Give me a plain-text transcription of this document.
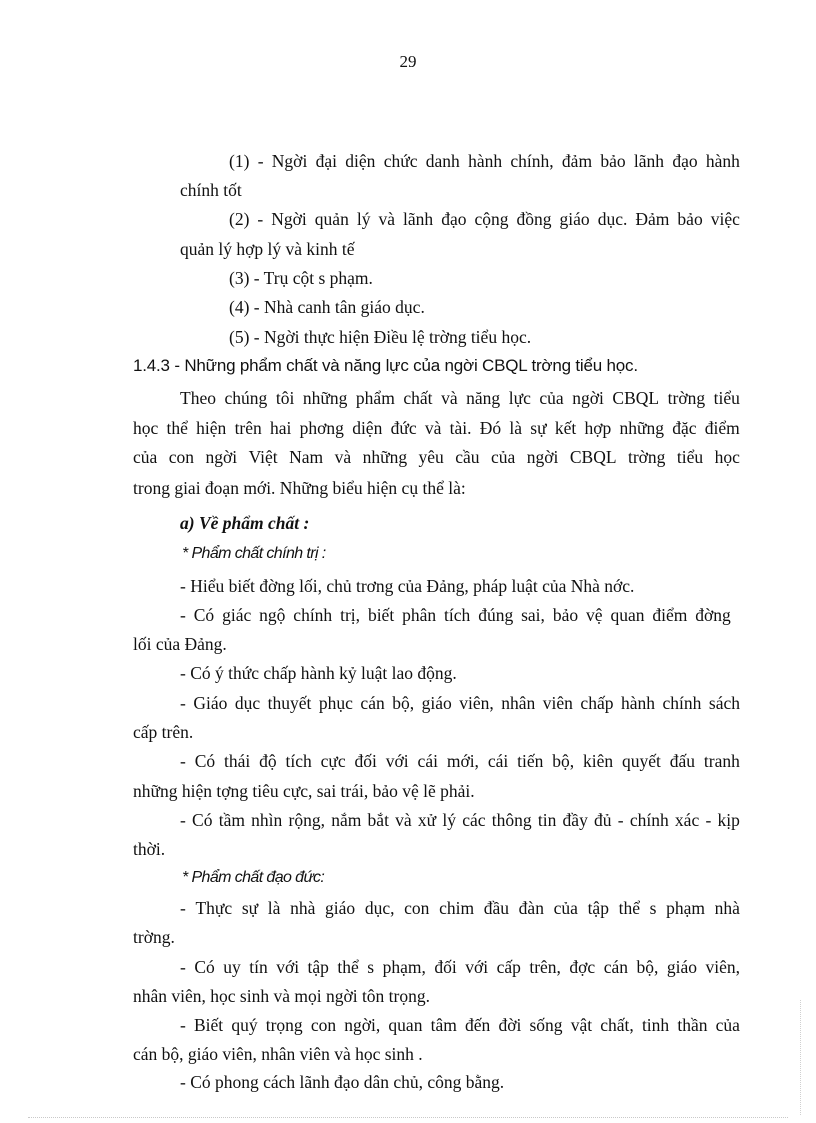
29
(1) - Ngời đại diện chức danh hành chính, đảm bảo lãnh đạo hành
chính tốt
(2) - Ngời quản lý và lãnh đạo cộng đồng giáo dục. Đảm bảo việc
quản lý hợp lý và kinh tế
(3) - Trụ cột s phạm.
(4) - Nhà canh tân giáo dục.
(5) - Ngời thực hiện Điều lệ trờng tiểu học.
1.4.3 - Những phẩm chất và năng lực của ngời CBQL trờng tiểu học.
Theo chúng tôi những phẩm chất và năng lực của ngời CBQL trờng tiểu
học thể hiện trên hai phơng diện đức và tài. Đó là sự kết hợp những đặc điểm
của con ngời Việt Nam và những yêu cầu của ngời CBQL trờng tiểu học
trong giai đoạn mới. Những biểu hiện cụ thể là:
a) Về phẩm chất :
* Phẩm chất chính trị :
- Hiểu biết đờng lối, chủ trơng của Đảng, pháp luật của Nhà nớc.
- Có giác ngộ chính trị, biết phân tích đúng sai, bảo vệ quan điểm đờng
lối của Đảng.
- Có ý thức chấp hành kỷ luật lao động.
- Giáo dục thuyết phục cán bộ, giáo viên, nhân viên chấp hành chính sách
cấp trên.
- Có thái độ tích cực đối với cái mới, cái tiến bộ, kiên quyết đấu tranh
những hiện tợng tiêu cực, sai trái, bảo vệ lẽ phải.
- Có tầm nhìn rộng, nắm bắt và xử lý các thông tin đầy đủ - chính xác - kịp
thời.
* Phẩm chất đạo đức:
- Thực sự là nhà giáo dục, con chim đầu đàn của tập thể s phạm nhà
trờng.
- Có uy tín với tập thể s phạm, đối với cấp trên, đợc cán bộ, giáo viên,
nhân viên, học sinh và mọi ngời tôn trọng.
- Biết quý trọng con ngời, quan tâm đến đời sống vật chất, tinh thần của
cán bộ, giáo viên, nhân viên và học sinh .
- Có phong cách lãnh đạo dân chủ, công bằng.
